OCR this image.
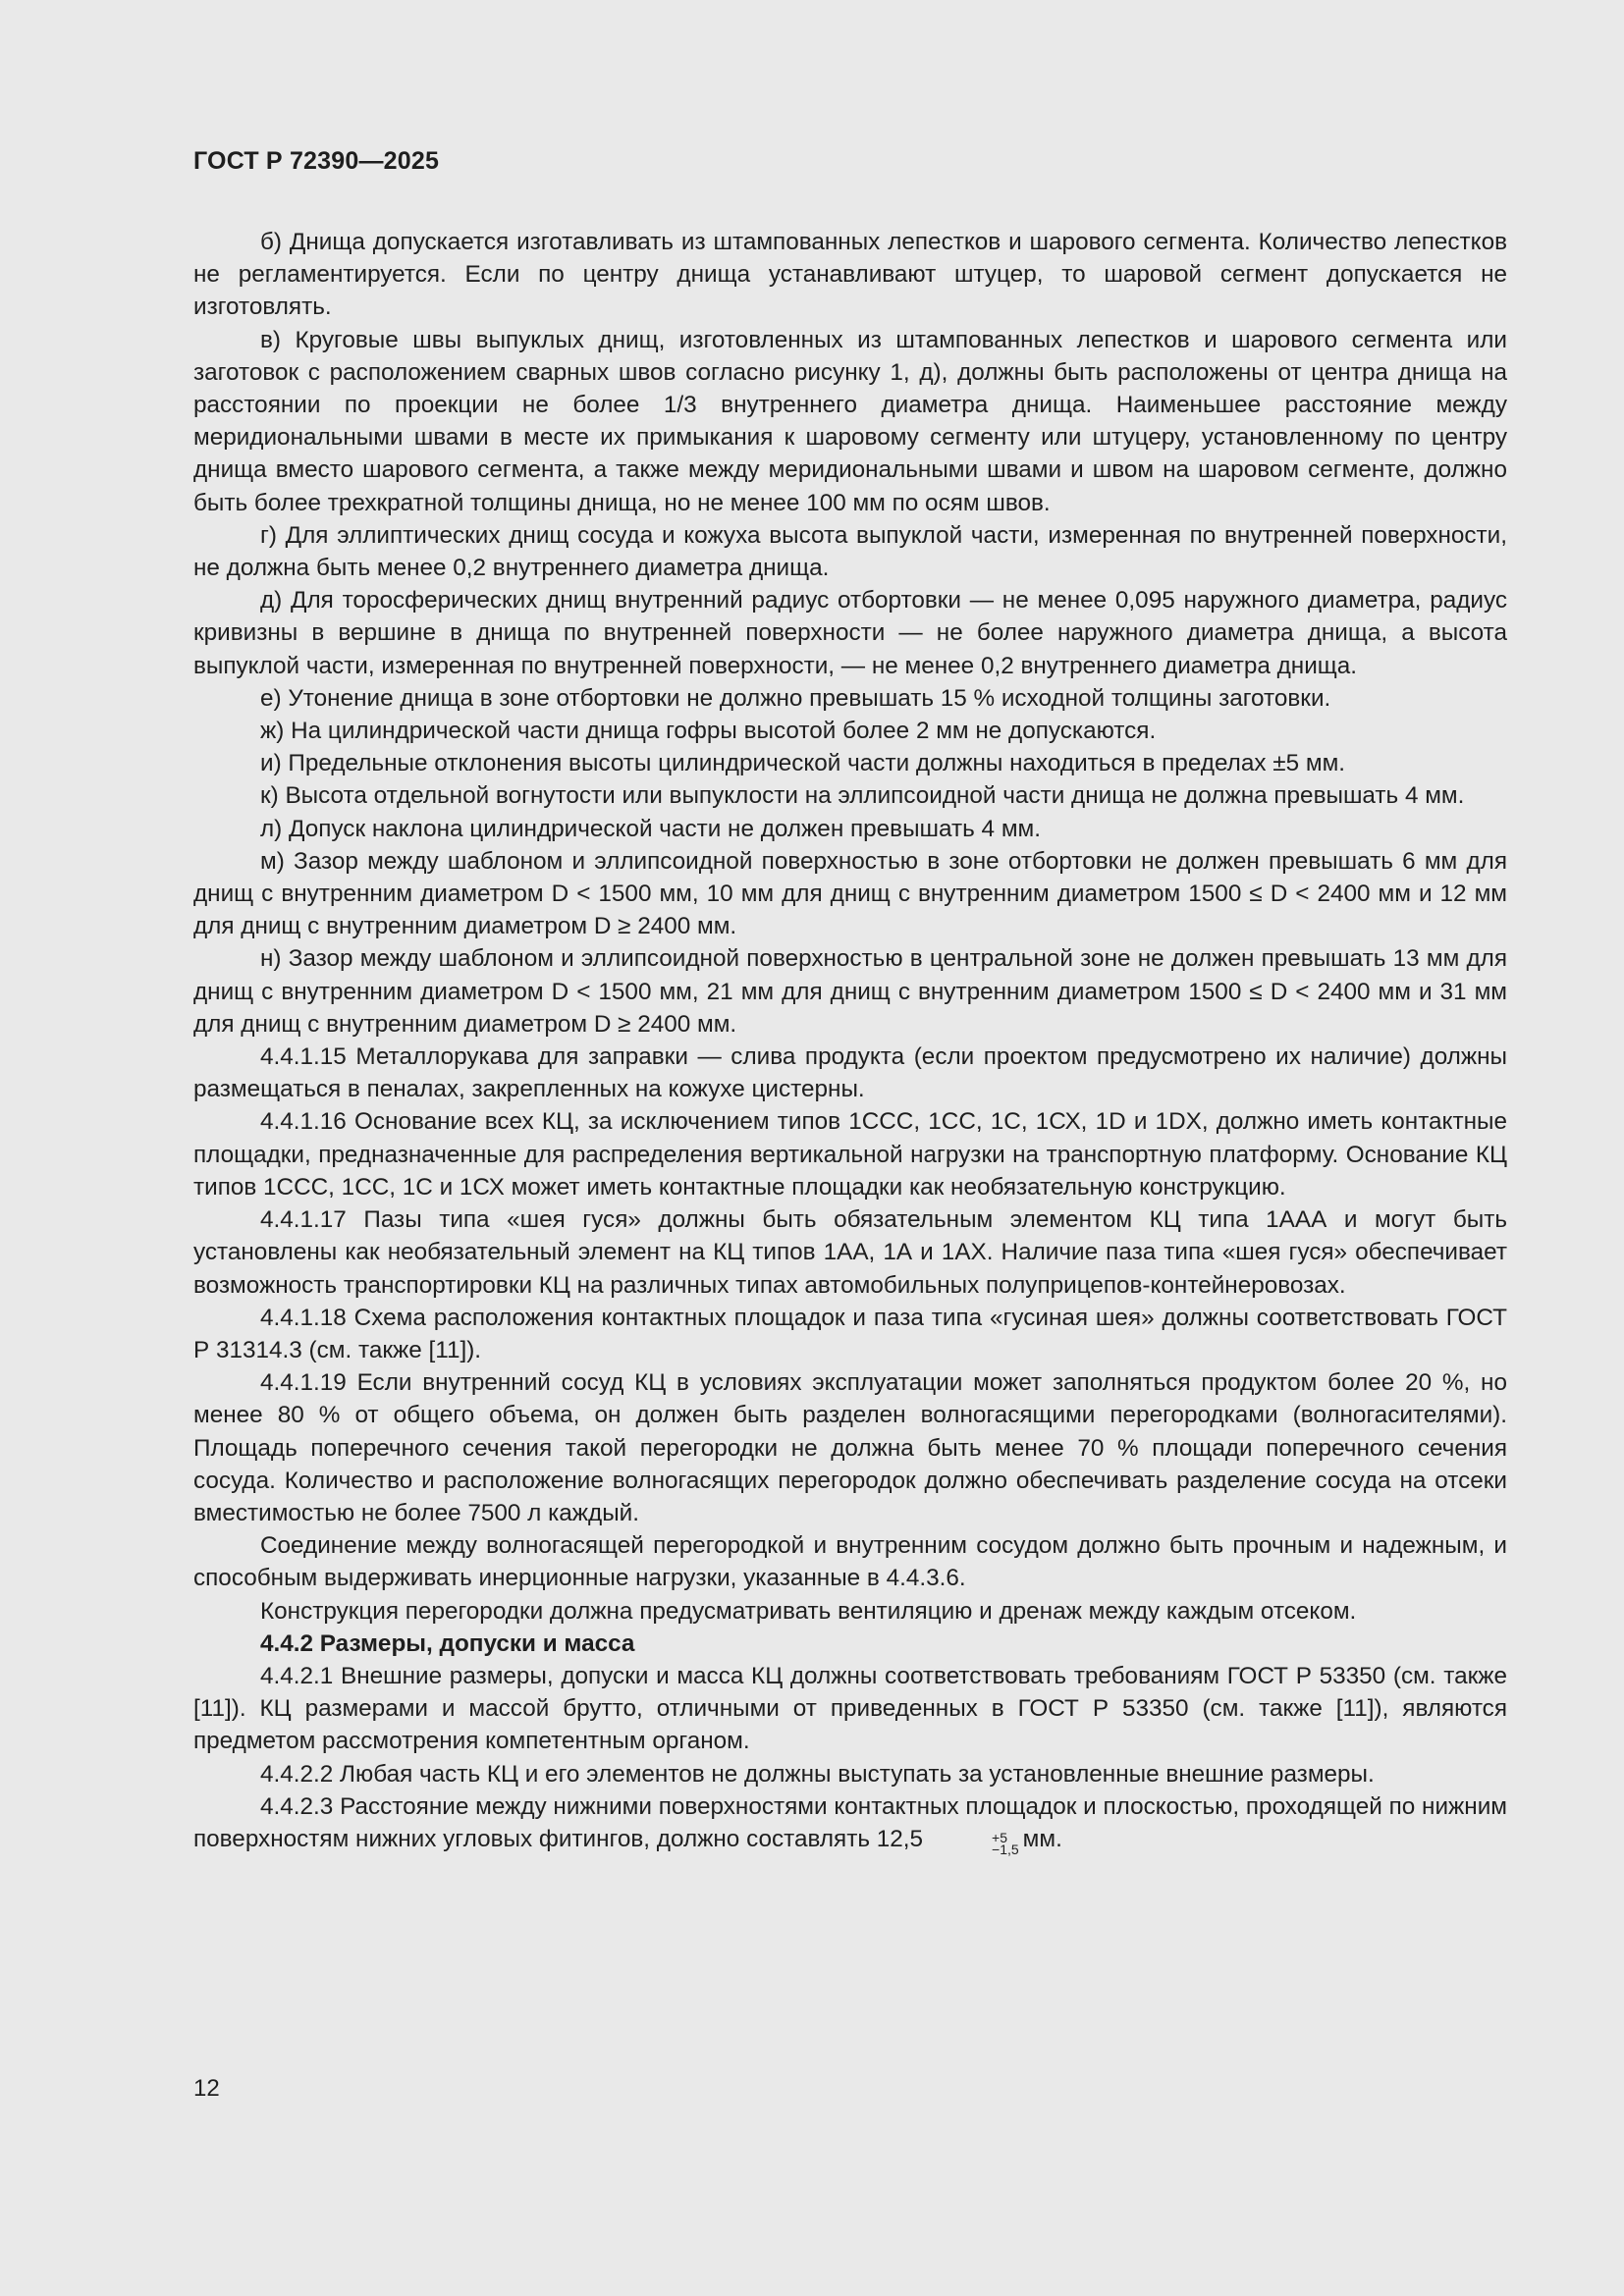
ГОСТ Р 72390—2025

б) Днища допускается изготавливать из штампованных лепестков и шарового сегмента. Количество лепестков не регламентируется. Если по центру днища устанавливают штуцер, то шаровой сегмент допускается не изготовлять.

в) Круговые швы выпуклых днищ, изготовленных из штампованных лепестков и шарового сегмента или заготовок с расположением сварных швов согласно рисунку 1, д), должны быть расположены от центра днища на расстоянии по проекции не более 1/3 внутреннего диаметра днища. Наименьшее расстояние между меридиональными швами в месте их примыкания к шаровому сегменту или штуцеру, установленному по центру днища вместо шарового сегмента, а также между меридиональными швами и швом на шаровом сегменте, должно быть более трехкратной толщины днища, но не менее 100 мм по осям швов.

г) Для эллиптических днищ сосуда и кожуха высота выпуклой части, измеренная по внутренней поверхности, не должна быть менее 0,2 внутреннего диаметра днища.

д) Для торосферических днищ внутренний радиус отбортовки — не менее 0,095 наружного диаметра, радиус кривизны в вершине в днища по внутренней поверхности — не более наружного диаметра днища, а высота выпуклой части, измеренная по внутренней поверхности, — не менее 0,2 внутреннего диаметра днища.

е) Утонение днища в зоне отбортовки не должно превышать 15 % исходной толщины заготовки.

ж) На цилиндрической части днища гофры высотой более 2 мм не допускаются.

и) Предельные отклонения высоты цилиндрической части должны находиться в пределах ±5 мм.

к) Высота отдельной вогнутости или выпуклости на эллипсоидной части днища не должна превышать 4 мм.

л) Допуск наклона цилиндрической части не должен превышать 4 мм.

м) Зазор между шаблоном и эллипсоидной поверхностью в зоне отбортовки не должен превышать 6 мм для днищ с внутренним диаметром D < 1500 мм, 10 мм для днищ с внутренним диаметром 1500 ≤ D < 2400 мм и 12 мм для днищ с внутренним диаметром D ≥ 2400 мм.

н) Зазор между шаблоном и эллипсоидной поверхностью в центральной зоне не должен превышать 13 мм для днищ с внутренним диаметром D < 1500 мм, 21 мм для днищ с внутренним диаметром 1500 ≤ D < 2400 мм и 31 мм для днищ с внутренним диаметром D ≥ 2400 мм.

4.4.1.15 Металлорукава для заправки — слива продукта (если проектом предусмотрено их наличие) должны размещаться в пеналах, закрепленных на кожухе цистерны.

4.4.1.16 Основание всех КЦ, за исключением типов 1ССС, 1СС, 1С, 1СХ, 1D и 1DX, должно иметь контактные площадки, предназначенные для распределения вертикальной нагрузки на транспортную платформу. Основание КЦ типов 1ССС, 1СС, 1С и 1СХ может иметь контактные площадки как необязательную конструкцию.

4.4.1.17 Пазы типа «шея гуся» должны быть обязательным элементом КЦ типа 1ААА и могут быть установлены как необязательный элемент на КЦ типов 1АА, 1А и 1АХ. Наличие паза типа «шея гуся» обеспечивает возможность транспортировки КЦ на различных типах автомобильных полуприцепов-контейнеровозах.

4.4.1.18 Схема расположения контактных площадок и паза типа «гусиная шея» должны соответствовать ГОСТ Р 31314.3 (см. также [11]).

4.4.1.19 Если внутренний сосуд КЦ в условиях эксплуатации может заполняться продуктом более 20 %, но менее 80 % от общего объема, он должен быть разделен волногасящими перегородками (волногасителями). Площадь поперечного сечения такой перегородки не должна быть менее 70 % площади поперечного сечения сосуда. Количество и расположение волногасящих перегородок должно обеспечивать разделение сосуда на отсеки вместимостью не более 7500 л каждый.

Соединение между волногасящей перегородкой и внутренним сосудом должно быть прочным и надежным, и способным выдерживать инерционные нагрузки, указанные в 4.4.3.6.

Конструкция перегородки должна предусматривать вентиляцию и дренаж между каждым отсеком.

4.4.2 Размеры, допуски и масса

4.4.2.1 Внешние размеры, допуски и масса КЦ должны соответствовать требованиям ГОСТ Р 53350 (см. также [11]). КЦ размерами и массой брутто, отличными от приведенных в ГОСТ Р 53350 (см. также [11]), являются предметом рассмотрения компетентным органом.

4.4.2.2 Любая часть КЦ и его элементов не должны выступать за установленные внешние размеры.

4.4.2.3 Расстояние между нижними поверхностями контактных площадок и плоскостью, проходящей по нижним поверхностям нижних угловых фитингов, должно составлять 12,5	+5
−1,5 мм.

12
